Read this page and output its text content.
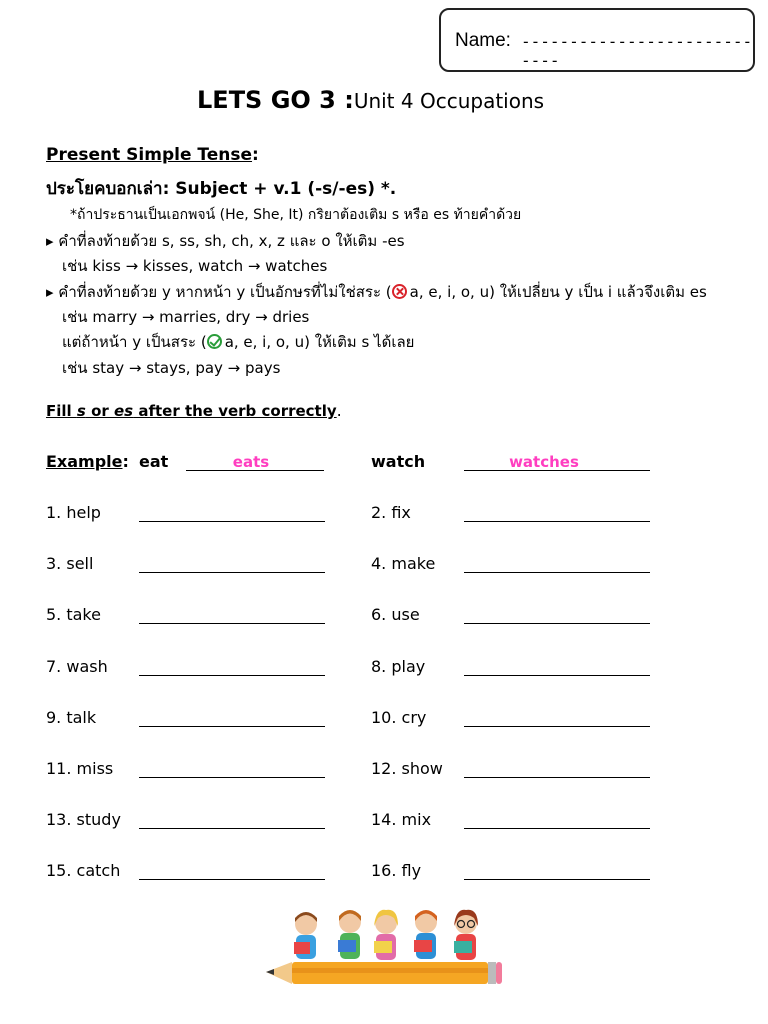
Name: ----------------------------
LETS GO 3 :Unit 4 Occupations
Present Simple Tense:
ประโยคบอกเล่า: Subject + v.1 (-s/-es) *.
*ถ้าประธานเป็นเอกพจน์ (He, She, It) กริยาต้องเติม s หรือ es ท้ายคำด้วย
▸ คำที่ลงท้ายด้วย s, ss, sh, ch, x, z และ o ให้เติม -es
เช่น kiss → kisses, watch → watches
▸ คำที่ลงท้ายด้วย y หากหน้า y เป็นอักษรที่ไม่ใช่สระ ( a, e, i, o, u) ให้เปลี่ยน y เป็น i แล้วจึงเติม es
เช่น marry → marries, dry → dries
แต่ถ้าหน้า y เป็นสระ ( a, e, i, o, u) ให้เติม s ได้เลย
เช่น stay → stays, pay → pays
Fill s or es after the verb correctly.
Example: eat	eats	watch	watches
1. help	2. fix
3. sell	4. make
5. take	6. use
7. wash	8. play
9. talk	10. cry
11. miss	12. show
13. study	14. mix
15. catch	16. fly
